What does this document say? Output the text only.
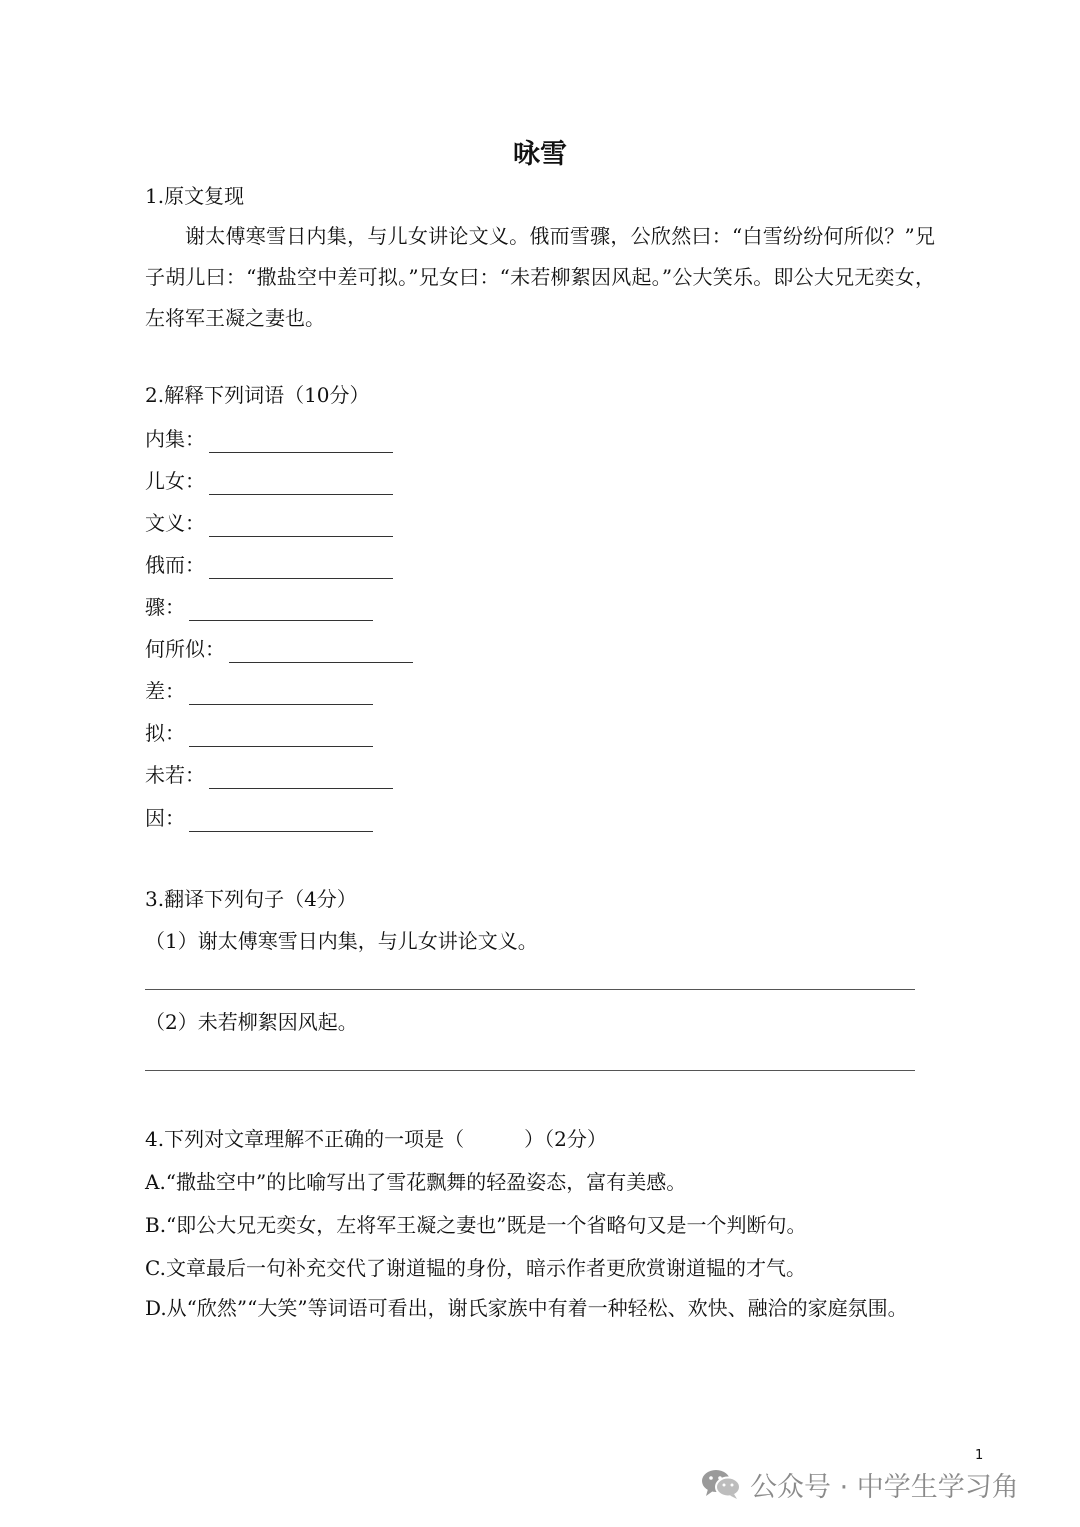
咏雪
1.原文复现
谢太傅寒雪日内集，与儿女讲论文义。俄而雪骤，公欣然曰：“白雪纷纷何所似？”兄子胡儿曰：“撒盐空中差可拟。”兄女曰：“未若柳絮因风起。”公大笑乐。即公大兄无奕女，左将军王凝之妻也。
2.解释下列词语（10分）
内集：
儿女：
文义：
俄而：
骤：
何所似：
差：
拟：
未若：
因：
3.翻译下列句子（4分）
（1）谢太傅寒雪日内集，与儿女讲论文义。
（2）未若柳絮因风起。
4.下列对文章理解不正确的一项是（	）（2分）
A.“撒盐空中”的比喻写出了雪花飘舞的轻盈姿态，富有美感。
B.“即公大兄无奕女，左将军王凝之妻也”既是一个省略句又是一个判断句。
C.文章最后一句补充交代了谢道韫的身份，暗示作者更欣赏谢道韫的才气。
D.从“欣然”“大笑”等词语可看出，谢氏家族中有着一种轻松、欢快、融洽的家庭氛围。
1
公众号 · 中学生学习角
